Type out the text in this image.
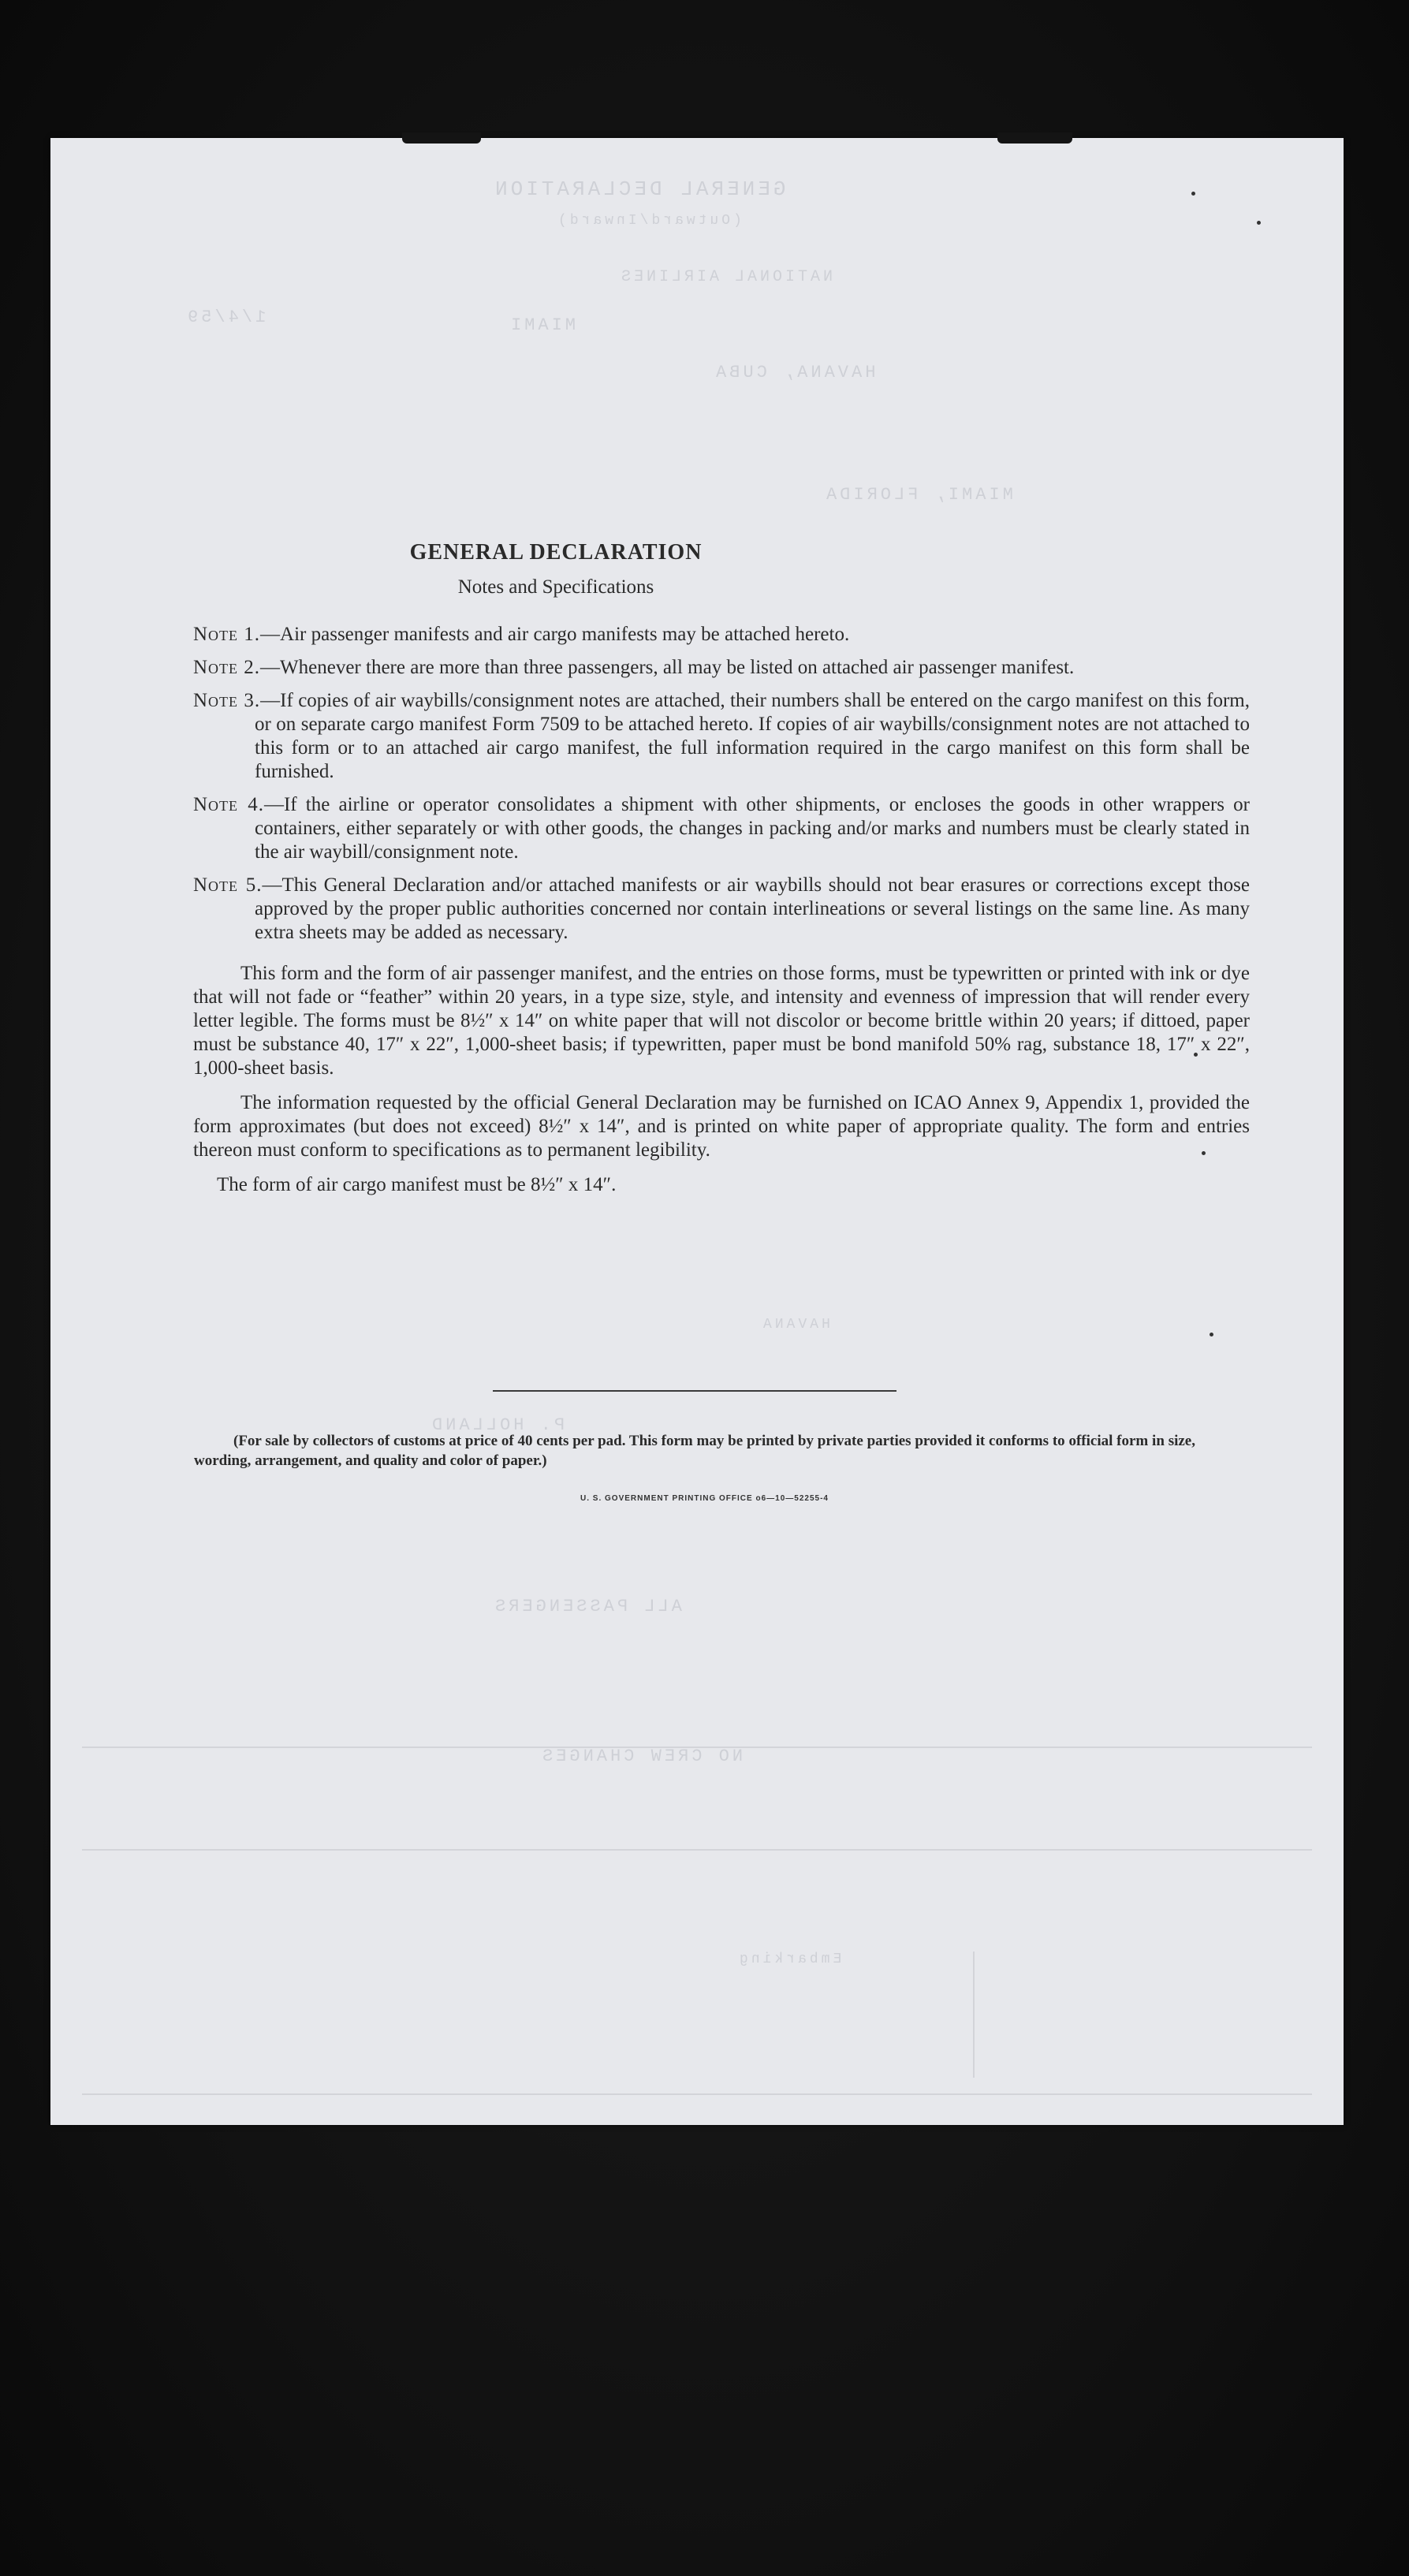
GENERAL DECLARATION
(Outward/Inward)
NATIONAL AIRLINES
1/4/59	MIAMI
HAVANA, CUBA
MIAMI, FLORIDA
HAVANA
P. HOLLAND
ALL PASSENGERS
NO CREW CHANGES
Embarking
GENERAL DECLARATION
Notes and Specifications
Note 1.—Air passenger manifests and air cargo manifests may be attached hereto.
Note 2.—Whenever there are more than three passengers, all may be listed on attached air passenger manifest.
Note 3.—If copies of air waybills/consignment notes are attached, their numbers shall be entered on the cargo manifest on this form, or on separate cargo manifest Form 7509 to be attached hereto. If copies of air waybills/consignment notes are not attached to this form or to an attached air cargo manifest, the full information required in the cargo manifest on this form shall be furnished.
Note 4.—If the airline or operator consolidates a shipment with other shipments, or encloses the goods in other wrappers or containers, either separately or with other goods, the changes in packing and/or marks and numbers must be clearly stated in the air waybill/consignment note.
Note 5.—This General Declaration and/or attached manifests or air waybills should not bear erasures or corrections except those approved by the proper public authorities concerned nor contain interlineations or several listings on the same line. As many extra sheets may be added as necessary.

This form and the form of air passenger manifest, and the entries on those forms, must be typewritten or printed with ink or dye that will not fade or “feather” within 20 years, in a type size, style, and intensity and evenness of impression that will render every letter legible. The forms must be 8½″ x 14″ on white paper that will not discolor or become brittle within 20 years; if dittoed, paper must be substance 40, 17″ x 22″, 1,000-sheet basis; if typewritten, paper must be bond manifold 50% rag, substance 18, 17″ x 22″, 1,000-sheet basis.

The information requested by the official General Declaration may be furnished on ICAO Annex 9, Appendix 1, provided the form approximates (but does not exceed) 8½″ x 14″, and is printed on white paper of appropriate quality. The form and entries thereon must conform to specifications as to permanent legibility.

The form of air cargo manifest must be 8½″ x 14″.

(For sale by collectors of customs at price of 40 cents per pad. This form may be printed by private parties provided it conforms to official form in size, wording, arrangement, and quality and color of paper.)
U. S. GOVERNMENT PRINTING OFFICE o6—10—52255-4
